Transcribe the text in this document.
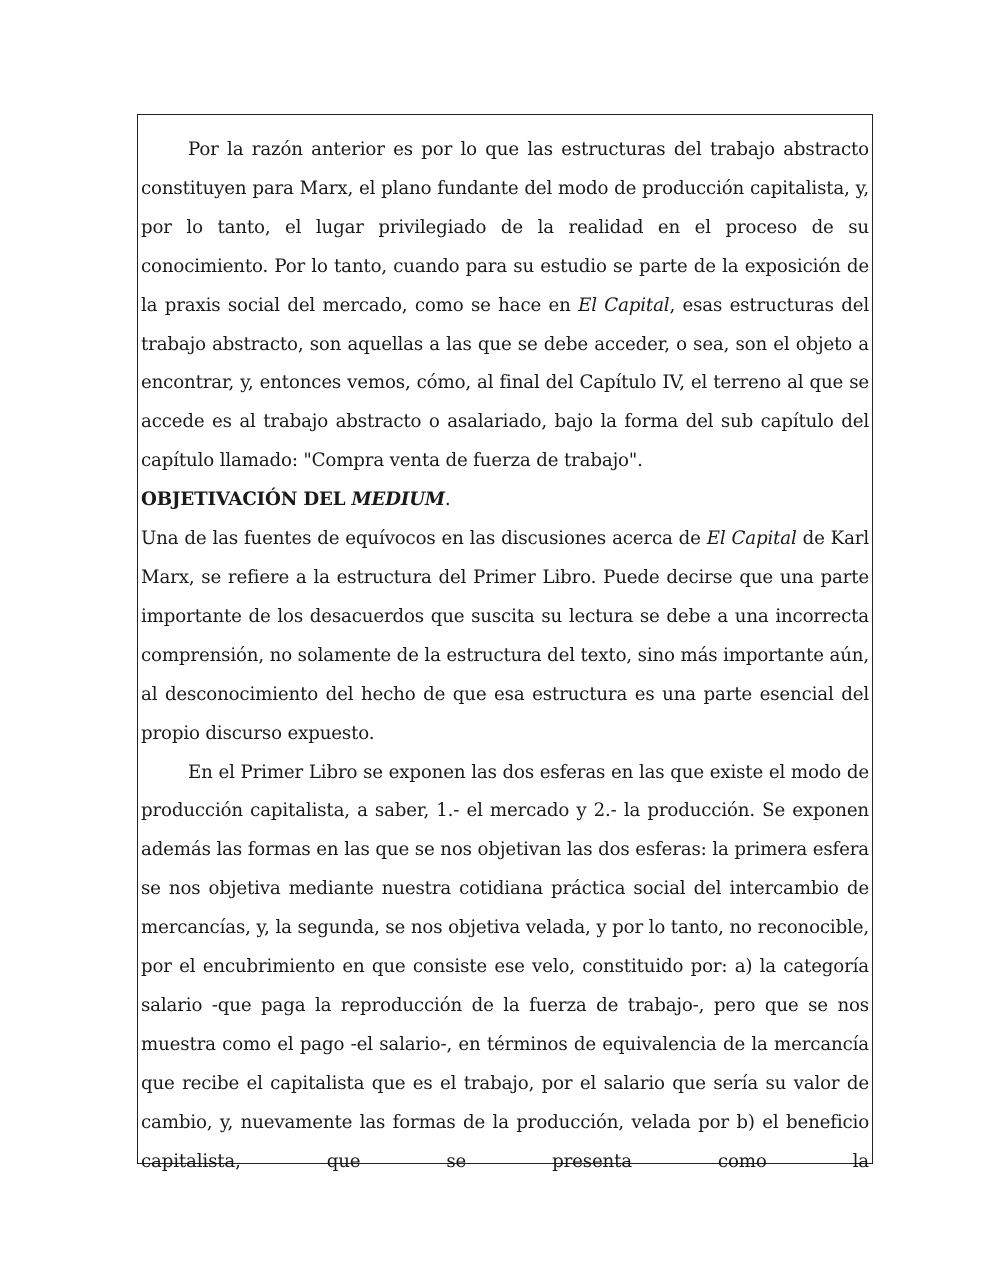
Por la razón anterior es por lo que las estructuras del trabajo abstracto constituyen para Marx, el plano fundante del modo de producción capitalista, y, por lo tanto, el lugar privilegiado de la realidad en el proceso de su conocimiento. Por lo tanto, cuando para su estudio se parte de la exposición de la praxis social del mercado, como se hace en El Capital, esas estructuras del trabajo abstracto, son aquellas a las que se debe acceder, o sea, son el objeto a encontrar, y, entonces vemos, cómo, al final del Capítulo IV, el terreno al que se accede es al trabajo abstracto o asalariado, bajo la forma del sub capítulo del capítulo llamado: "Compra venta de fuerza de trabajo".

OBJETIVACIÓN DEL MEDIUM.

Una de las fuentes de equívocos en las discusiones acerca de El Capital de Karl Marx, se refiere a la estructura del Primer Libro. Puede decirse que una parte importante de los desacuerdos que suscita su lectura se debe a una incorrecta comprensión, no solamente de la estructura del texto, sino más importante aún, al desconocimiento del hecho de que esa estructura es una parte esencial del propio discurso expuesto.

En el Primer Libro se exponen las dos esferas en las que existe el modo de producción capitalista, a saber, 1.- el mercado y 2.- la producción. Se exponen además las formas en las que se nos objetivan las dos esferas: la primera esfera se nos objetiva mediante nuestra cotidiana práctica social del intercambio de mercancías, y, la segunda, se nos objetiva velada, y por lo tanto, no reconocible, por el encubrimiento en que consiste ese velo, constituido por: a) la categoría salario -que paga la reproducción de la fuerza de trabajo-, pero que se nos muestra como el pago -el salario-, en términos de equivalencia de la mercancía que recibe el capitalista que es el trabajo, por el salario que sería su valor de cambio, y, nuevamente las formas de la producción, velada por b) el beneficio capitalista, que se presenta como la
